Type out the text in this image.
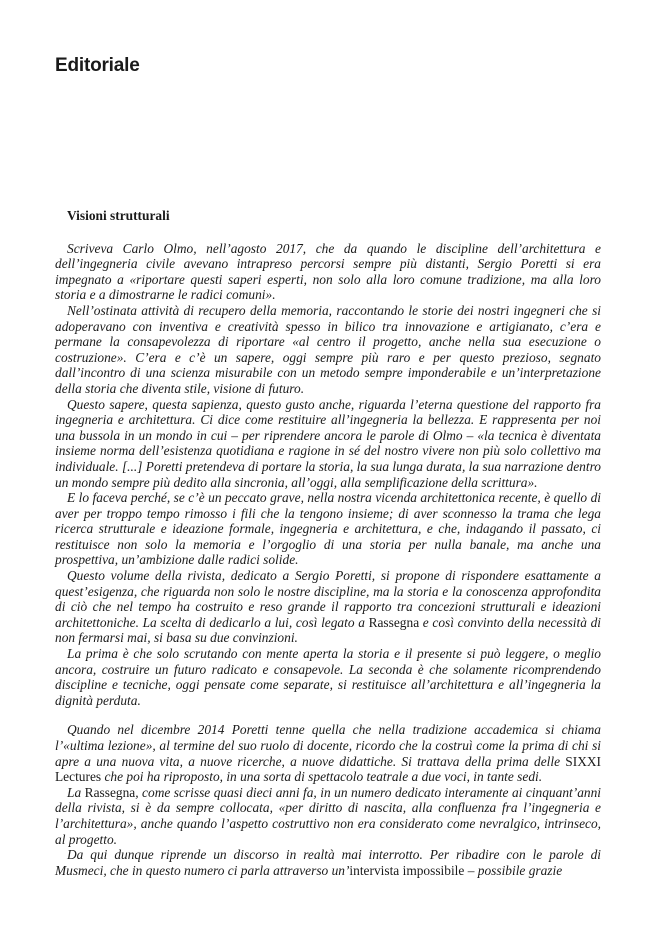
Editoriale

Visioni strutturali

Scriveva Carlo Olmo, nell’agosto 2017, che da quando le discipline dell’architettura e dell’ingegneria civile avevano intrapreso percorsi sempre più distanti, Sergio Poretti si era impegnato a «riportare questi saperi esperti, non solo alla loro comune tradizione, ma alla loro storia e a dimostrarne le radici comuni».

Nell’ostinata attività di recupero della memoria, raccontando le storie dei nostri ingegneri che si adoperavano con inventiva e creatività spesso in bilico tra innovazione e artigianato, c’era e permane la consapevolezza di riportare «al centro il progetto, anche nella sua esecuzione o costruzione». C’era e c’è un sapere, oggi sempre più raro e per questo prezioso, segnato dall’incontro di una scienza misurabile con un metodo sempre imponderabile e un’interpretazione della storia che diventa stile, visione di futuro.

Questo sapere, questa sapienza, questo gusto anche, riguarda l’eterna questione del rapporto fra ingegneria e architettura. Ci dice come restituire all’ingegneria la bellezza. E rappresenta per noi una bussola in un mondo in cui – per riprendere ancora le parole di Olmo – «la tecnica è diventata insieme norma dell’esistenza quotidiana e ragione in sé del nostro vivere non più solo collettivo ma individuale. [...] Poretti pretendeva di portare la storia, la sua lunga durata, la sua narrazione dentro un mondo sempre più dedito alla sincronia, all’oggi, alla semplificazione della scrittura».

E lo faceva perché, se c’è un peccato grave, nella nostra vicenda architettonica recente, è quello di aver per troppo tempo rimosso i fili che la tengono insieme; di aver sconnesso la trama che lega ricerca strutturale e ideazione formale, ingegneria e architettura, e che, indagando il passato, ci restituisce non solo la memoria e l’orgoglio di una storia per nulla banale, ma anche una prospettiva, un’ambizione dalle radici solide.

Questo volume della rivista, dedicato a Sergio Poretti, si propone di rispondere esattamente a quest’esigenza, che riguarda non solo le nostre discipline, ma la storia e la conoscenza approfondita di ciò che nel tempo ha costruito e reso grande il rapporto tra concezioni strutturali e ideazioni architettoniche. La scelta di dedicarlo a lui, così legato a Rassegna e così convinto della necessità di non fermarsi mai, si basa su due convinzioni.

La prima è che solo scrutando con mente aperta la storia e il presente si può leggere, o meglio ancora, costruire un futuro radicato e consapevole. La seconda è che solamente ricomprendendo discipline e tecniche, oggi pensate come separate, si restituisce all’architettura e all’ingegneria la dignità perduta.

Quando nel dicembre 2014 Poretti tenne quella che nella tradizione accademica si chiama l’«ultima lezione», al termine del suo ruolo di docente, ricordo che la costruì come la prima di chi si apre a una nuova vita, a nuove ricerche, a nuove didattiche. Si trattava della prima delle SIXXI Lectures che poi ha riproposto, in una sorta di spettacolo teatrale a due voci, in tante sedi.

La Rassegna, come scrisse quasi dieci anni fa, in un numero dedicato interamente ai cinquant’anni della rivista, si è da sempre collocata, «per diritto di nascita, alla confluenza fra l’ingegneria e l’architettura», anche quando l’aspetto costruttivo non era considerato come nevralgico, intrinseco, al progetto.

Da qui dunque riprende un discorso in realtà mai interrotto. Per ribadire con le parole di Musmeci, che in questo numero ci parla attraverso un’intervista impossibile – possibile grazie
